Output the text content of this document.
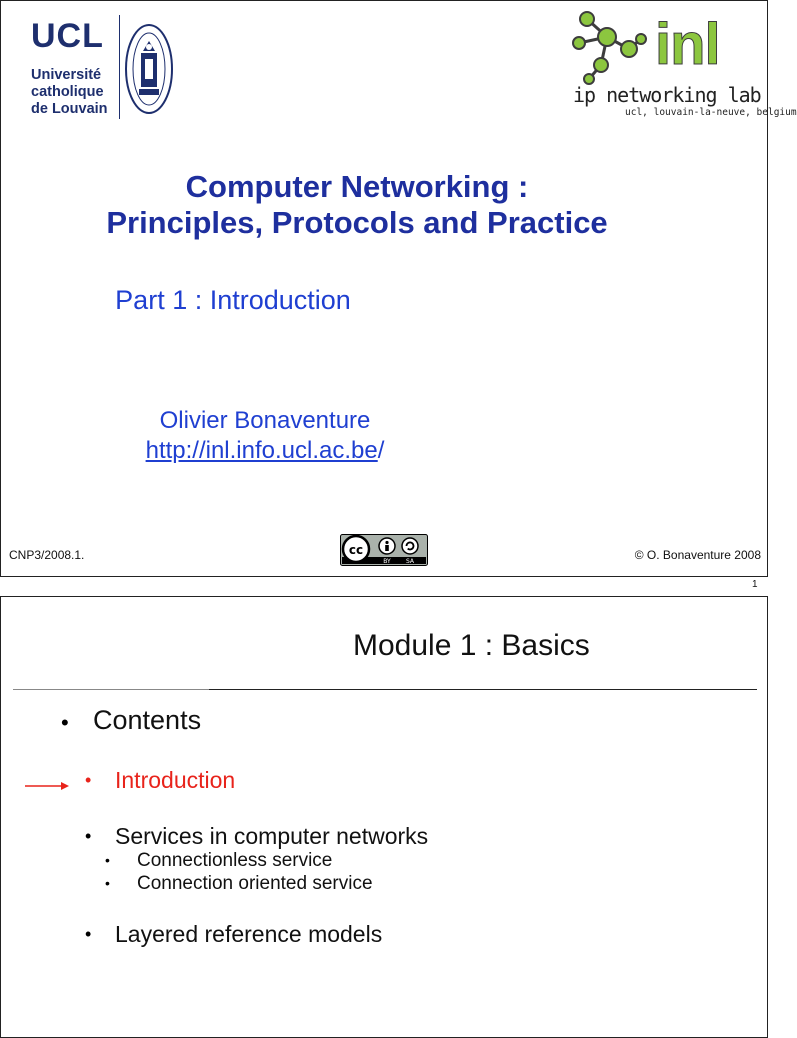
UCL
Université
catholique
de Louvain
inl
ip networking lab
ucl, louvain-la-neuve, belgium
Computer Networking :
Principles, Protocols and Practice
Part 1 : Introduction
Olivier Bonaventure
http://inl.info.ucl.ac.be/
CNP3/2008.1.	cc
BY	SA	© O. Bonaventure 2008
1
Module 1 : Basics
• Contents
• Introduction
• Services in computer networks
• Connectionless service
• Connection oriented service
• Layered reference models
